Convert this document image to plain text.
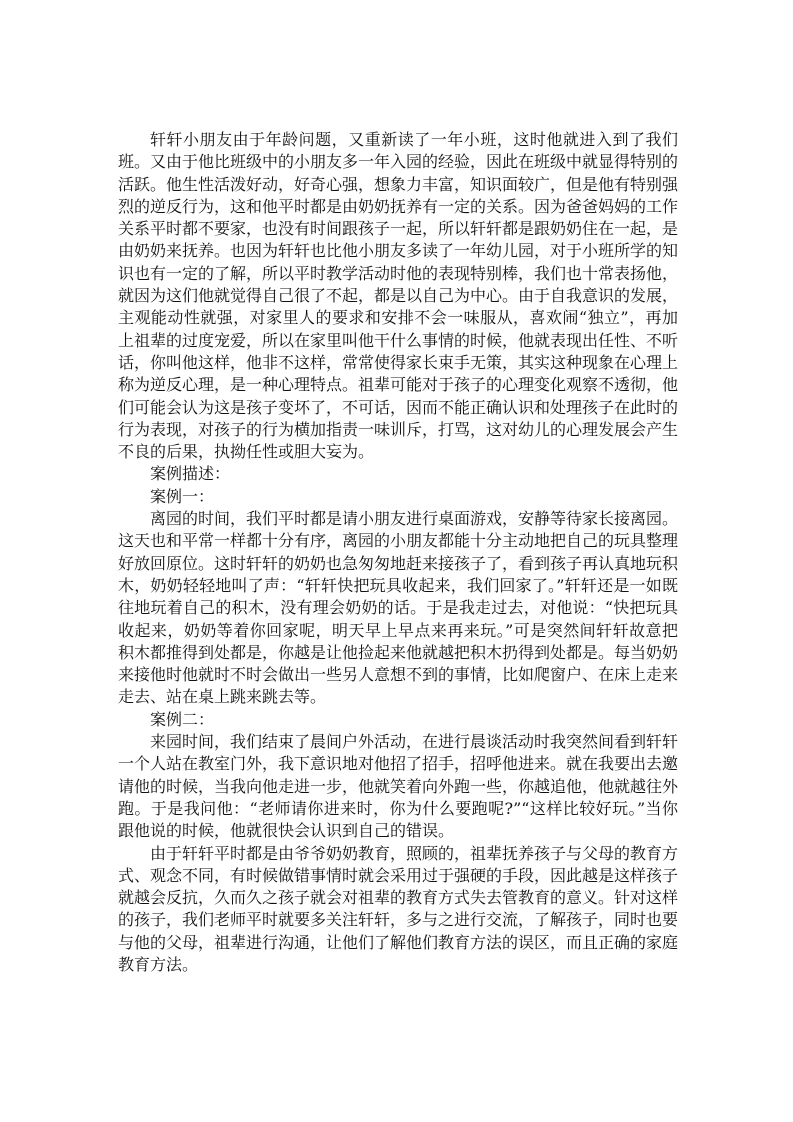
轩轩小朋友由于年龄问题，又重新读了一年小班，这时他就进入到了我们班。又由于他比班级中的小朋友多一年入园的经验，因此在班级中就显得特别的活跃。他生性活泼好动，好奇心强，想象力丰富，知识面较广，但是他有特别强烈的逆反行为，这和他平时都是由奶奶抚养有一定的关系。因为爸爸妈妈的工作关系平时都不要家，也没有时间跟孩子一起，所以轩轩都是跟奶奶住在一起，是由奶奶来抚养。也因为轩轩也比他小朋友多读了一年幼儿园，对于小班所学的知识也有一定的了解，所以平时教学活动时他的表现特别棒，我们也十常表扬他，就因为这们他就觉得自己很了不起，都是以自己为中心。由于自我意识的发展，主观能动性就强，对家里人的要求和安排不会一味服从，喜欢闹“独立”，再加上祖辈的过度宠爱，所以在家里叫他干什么事情的时候，他就表现出任性、不听话，你叫他这样，他非不这样，常常使得家长束手无策，其实这种现象在心理上称为逆反心理，是一种心理特点。祖辈可能对于孩子的心理变化观察不透彻，他们可能会认为这是孩子变坏了，不可话，因而不能正确认识和处理孩子在此时的行为表现，对孩子的行为横加指责一味训斥，打骂，这对幼儿的心理发展会产生不良的后果，执拗任性或胆大妄为。

案例描述：

案例一：

离园的时间，我们平时都是请小朋友进行桌面游戏，安静等待家长接离园。这天也和平常一样都十分有序，离园的小朋友都能十分主动地把自己的玩具整理好放回原位。这时轩轩的奶奶也急匆匆地赶来接孩子了，看到孩子再认真地玩积木，奶奶轻轻地叫了声：“轩轩快把玩具收起来，我们回家了。”轩轩还是一如既往地玩着自己的积木，没有理会奶奶的话。于是我走过去，对他说：“快把玩具收起来，奶奶等着你回家呢，明天早上早点来再来玩。”可是突然间轩轩故意把积木都推得到处都是，你越是让他捡起来他就越把积木扔得到处都是。每当奶奶来接他时他就时不时会做出一些另人意想不到的事情，比如爬窗户、在床上走来走去、站在桌上跳来跳去等。

案例二：

来园时间，我们结束了晨间户外活动，在进行晨谈活动时我突然间看到轩轩一个人站在教室门外，我下意识地对他招了招手，招呼他进来。就在我要出去邀请他的时候，当我向他走进一步，他就笑着向外跑一些，你越追他，他就越往外跑。于是我问他：“老师请你进来时，你为什么要跑呢?”“这样比较好玩。”当你跟他说的时候，他就很快会认识到自己的错误。

由于轩轩平时都是由爷爷奶奶教育，照顾的，祖辈抚养孩子与父母的教育方式、观念不同，有时候做错事情时就会采用过于强硬的手段，因此越是这样孩子就越会反抗，久而久之孩子就会对祖辈的教育方式失去管教育的意义。针对这样的孩子，我们老师平时就要多关注轩轩，多与之进行交流，了解孩子，同时也要与他的父母，祖辈进行沟通，让他们了解他们教育方法的误区，而且正确的家庭教育方法。
